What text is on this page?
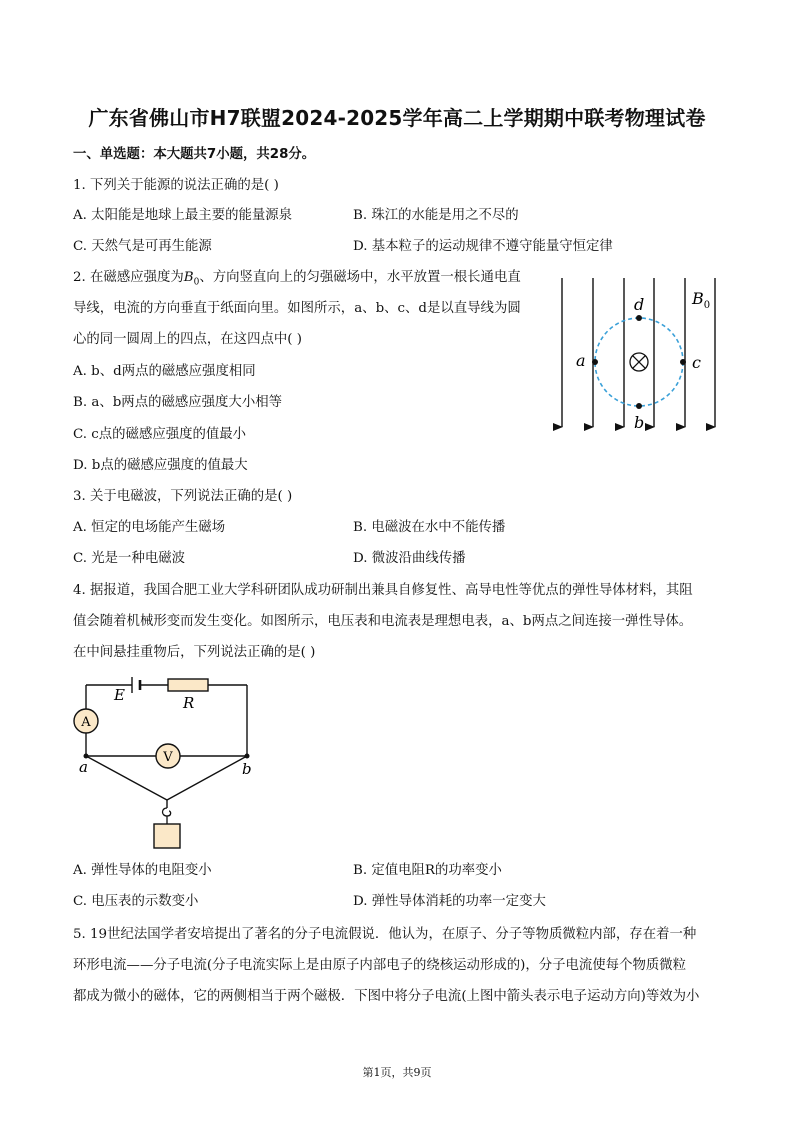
广东省佛山市H7联盟2024-2025学年高二上学期期中联考物理试卷
一、单选题：本大题共7小题，共28分。
1. 下列关于能源的说法正确的是( )
A. 太阳能是地球上最主要的能量源泉	B. 珠江的水能是用之不尽的
C. 天然气是可再生能源	D. 基本粒子的运动规律不遵守能量守恒定律
2. 在磁感应强度为$B_0$、方向竖直向上的匀强磁场中，水平放置一根长通电直
导线，电流的方向垂直于纸面向里。如图所示，a、b、c、d是以直导线为圆
心的同一圆周上的四点，在这四点中( )
A. b、d两点的磁感应强度相同
B. a、b两点的磁感应强度大小相等
C. c点的磁感应强度的值最小
D. b点的磁感应强度的值最大
a	c
d
b
$B_0$
3. 关于电磁波，下列说法正确的是( )
A. 恒定的电场能产生磁场	B. 电磁波在水中不能传播
C. 光是一种电磁波	D. 微波沿曲线传播
4. 据报道，我国合肥工业大学科研团队成功研制出兼具自修复性、高导电性等优点的弹性导体材料，其阻
值会随着机械形变而发生变化。如图所示，电压表和电流表是理想电表，a、b两点之间连接一弹性导体。
在中间悬挂重物后，下列说法正确的是( )
A
V
E	R
a	b
A. 弹性导体的电阻变小	B. 定值电阻R的功率变小
C. 电压表的示数变小	D. 弹性导体消耗的功率一定变大
5. 19世纪法国学者安培提出了著名的分子电流假说．他认为，在原子、分子等物质微粒内部，存在着一种
环形电流——分子电流(分子电流实际上是由原子内部电子的绕核运动形成的)，分子电流使每个物质微粒
都成为微小的磁体，它的两侧相当于两个磁极．下图中将分子电流(上图中箭头表示电子运动方向)等效为小
第1页，共9页
